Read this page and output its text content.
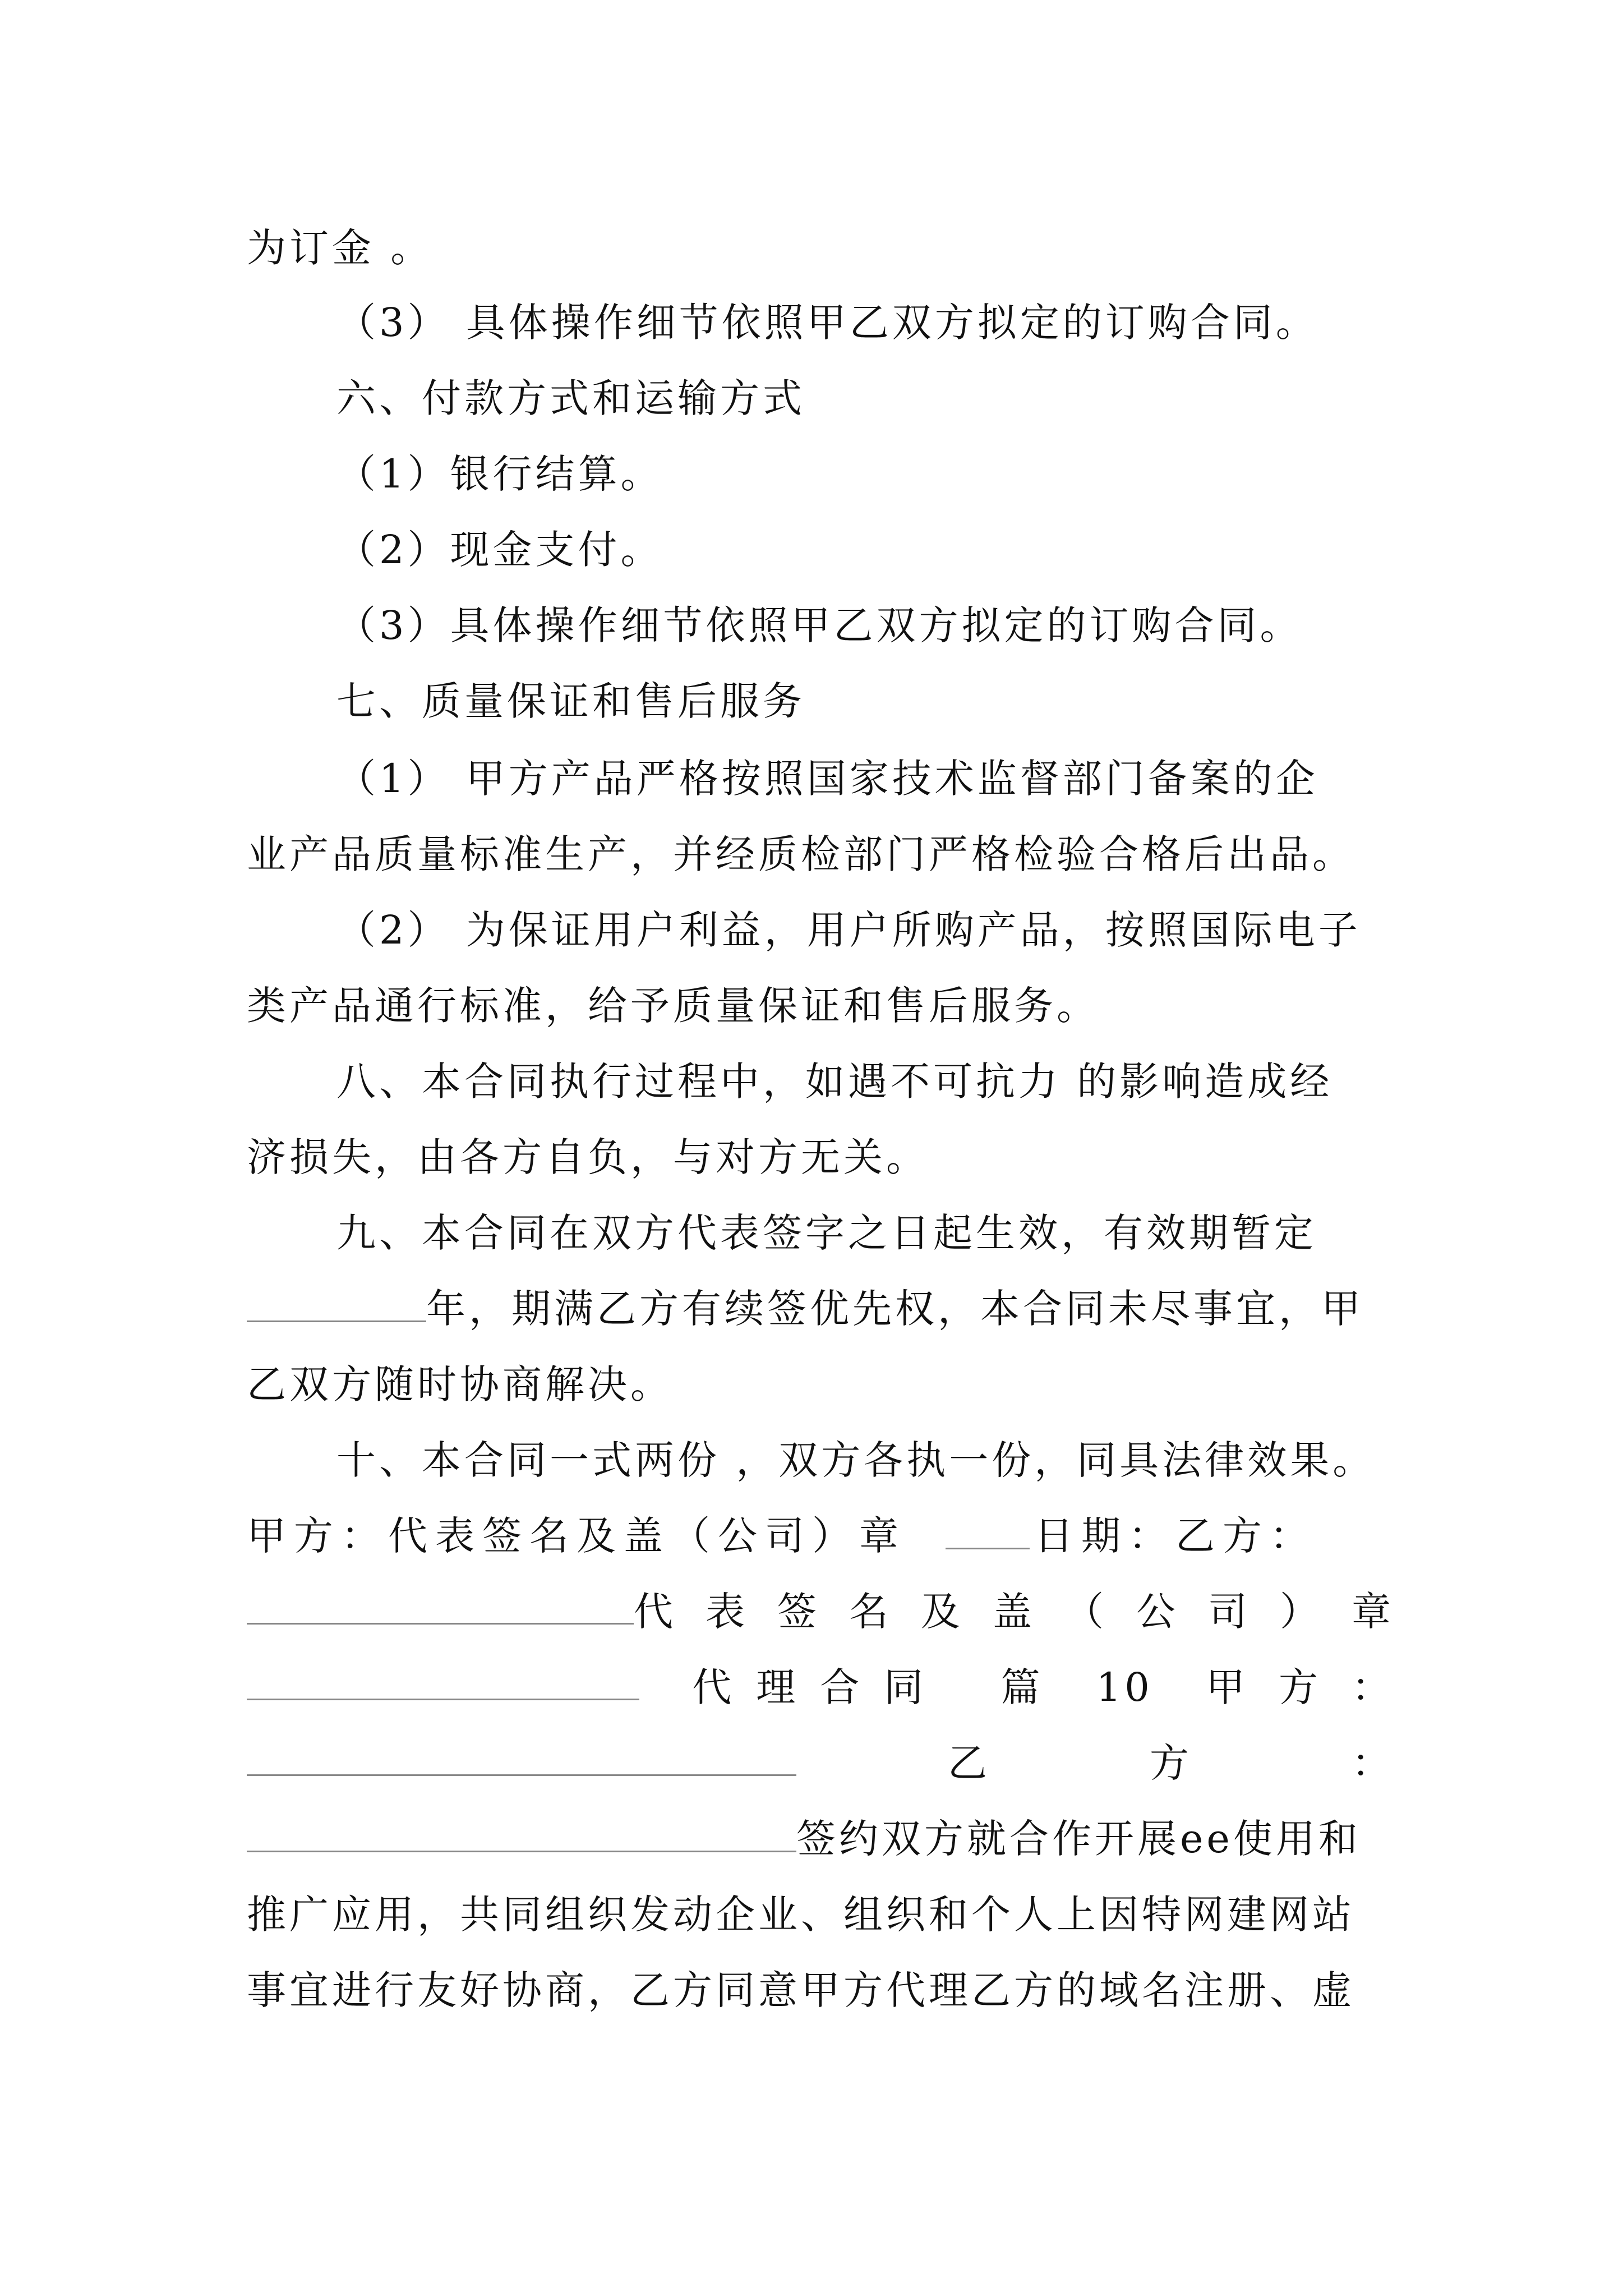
为订金 。
（3） 具体操作细节依照甲乙双方拟定的订购合同。
六、付款方式和运输方式
（1）银行结算。
（2）现金支付。
（3）具体操作细节依照甲乙双方拟定的订购合同。
七、质量保证和售后服务
（1） 甲方产品严格按照国家技术监督部门备案的企
业产品质量标准生产，并经质检部门严格检验合格后出品。
（2） 为保证用户利益，用户所购产品，按照国际电子
类产品通行标准，给予质量保证和售后服务。
八、本合同执行过程中，如遇不可抗力 的影响造成经
济损失，由各方自负，与对方无关。
九、本合同在双方代表签字之日起生效，有效期暂定
年，期满乙方有续签优先权，本合同未尽事宜，甲
乙双方随时协商解决。
十、本合同一式两份 ，双方各执一份，同具法律效果。
甲方：代表签名及盖（公司）章	日期：乙方：
代表签名及盖（公司）章
代理合同 篇 10 甲方：
乙方：
签约双方就合作开展ee使用和
推广应用，共同组织发动企业、组织和个人上因特网建网站
事宜进行友好协商，乙方同意甲方代理乙方的域名注册、虚
